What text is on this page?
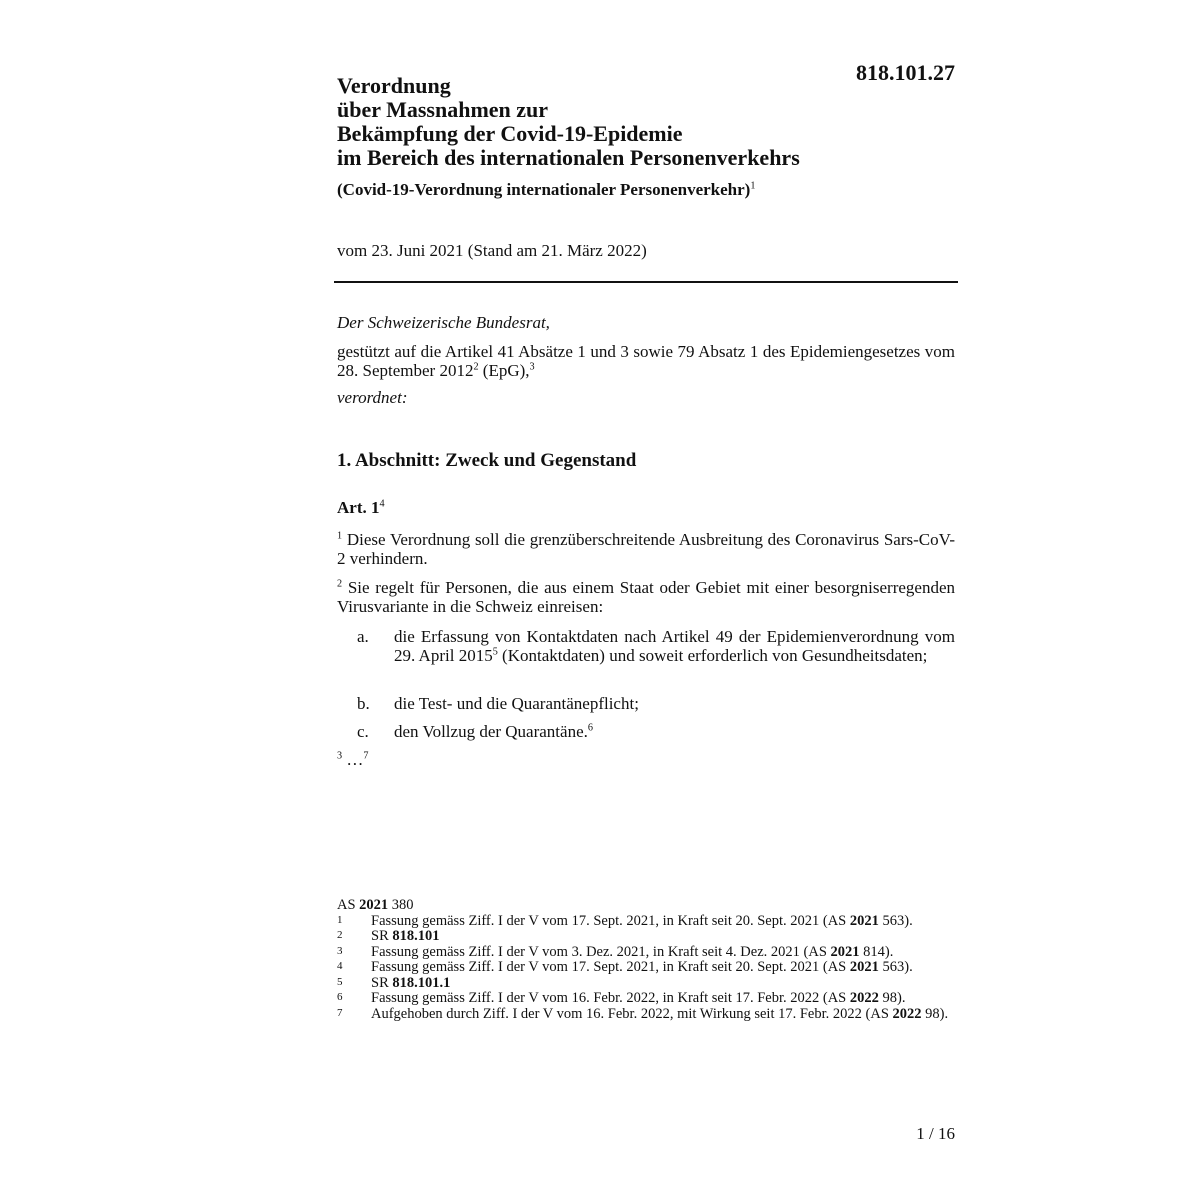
818.101.27
Verordnung
über Massnahmen zur
Bekämpfung der Covid-19-Epidemie
im Bereich des internationalen Personenverkehrs
(Covid-19-Verordnung internationaler Personenverkehr)$^1$
vom 23. Juni 2021 (Stand am 21. März 2022)
Der Schweizerische Bundesrat,
gestützt auf die Artikel 41 Absätze 1 und 3 sowie 79 Absatz 1 des Epidemiengesetzes vom 28. September 2012$^2$ (EpG),$^3$
verordnet:
1. Abschnitt: Zweck und Gegenstand
Art. $1^4$
$^1$ Diese Verordnung soll die grenzüberschreitende Ausbreitung des Coronavirus Sars-CoV-2 verhindern.
$^2$ Sie regelt für Personen, die aus einem Staat oder Gebiet mit einer besorgniserregenden Virusvariante in die Schweiz einreisen:
a. die Erfassung von Kontaktdaten nach Artikel 49 der Epidemienverordnung vom 29. April 2015$^5$ (Kontaktdaten) und soweit erforderlich von Gesundheitsdaten;
b. die Test- und die Quarantänepflicht;
c. den Vollzug der Quarantäne.$^6$
$^3$ …$^7$
AS 2021 380
1 Fassung gemäss Ziff. I der V vom 17. Sept. 2021, in Kraft seit 20. Sept. 2021 (AS 2021 563).
2 SR 818.101
3 Fassung gemäss Ziff. I der V vom 3. Dez. 2021, in Kraft seit 4. Dez. 2021 (AS 2021 814).
4 Fassung gemäss Ziff. I der V vom 17. Sept. 2021, in Kraft seit 20. Sept. 2021 (AS 2021 563).
5 SR 818.101.1
6 Fassung gemäss Ziff. I der V vom 16. Febr. 2022, in Kraft seit 17. Febr. 2022 (AS 2022 98).
7 Aufgehoben durch Ziff. I der V vom 16. Febr. 2022, mit Wirkung seit 17. Febr. 2022 (AS 2022 98).
1 / 16
